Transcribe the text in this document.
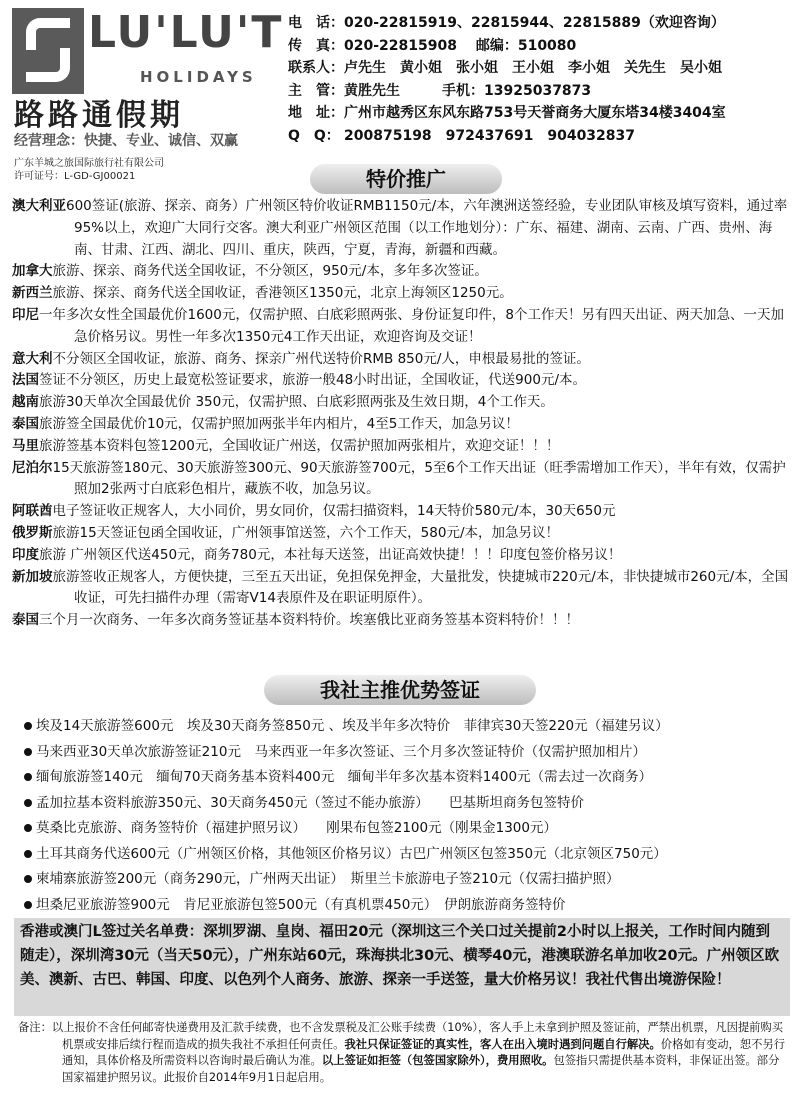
LU'LU'T
HOLIDAYS
路路通假期
经营理念：快捷、专业、诚信、双赢
广东羊城之旅国际旅行社有限公司
许可证号：L-GD-GJ00021
电　话：020-22815919、22815944、22815889（欢迎咨询）
传　真：020-22815908　 邮编：510080
联系人：卢先生　黄小姐　张小姐　王小姐　李小姐　关先生　吴小姐
主　管：黄胜先生　　　手机：13925037873
地　址：广州市越秀区东风东路753号天誉商务大厦东塔34楼3404室
Q　Q： 200875198　972437691　904032837
特价推广

澳大利亚600签证(旅游、探亲、商务）广州领区特价收证RMB1150元/本，六年澳洲送签经验，专业团队审核及填写资料，通过率95%以上，欢迎广大同行交客。澳大利亚广州领区范围（以工作地划分）：广东、福建、湖南、云南、广西、贵州、海南、甘肃、江西、湖北、四川、重庆，陕西，宁夏，青海，新疆和西藏。

加拿大旅游、探亲、商务代送全国收证，不分领区，950元/本，多年多次签证。

新西兰旅游、探亲、商务代送全国收证，香港领区1350元，北京上海领区1250元。

印尼一年多次女性全国最优价1600元，仅需护照、白底彩照两张、身份证复印件，8个工作天！另有四天出证、两天加急、一天加急价格另议。男性一年多次1350元4工作天出证，欢迎咨询及交证！

意大利不分领区全国收证，旅游、商务、探亲广州代送特价RMB 850元/人，申根最易批的签证。

法国签证不分领区，历史上最宽松签证要求，旅游一般48小时出证，全国收证，代送900元/本。

越南旅游30天单次全国最优价 350元，仅需护照、白底彩照两张及生效日期，4个工作天。

泰国旅游签全国最优价10元，仅需护照加两张半年内相片，4至5工作天，加急另议！

马里旅游签基本资料包签1200元，全国收证广州送，仅需护照加两张相片，欢迎交证！！！

尼泊尔15天旅游签180元、30天旅游签300元、90天旅游签700元，5至6个工作天出证（旺季需增加工作天），半年有效，仅需护照加2张两寸白底彩色相片，藏族不收，加急另议。

阿联酋电子签证收正规客人，大小同价，男女同价，仅需扫描资料，14天特价580元/本，30天650元

俄罗斯旅游15天签证包函全国收证，广州领事馆送签，六个工作天，580元/本，加急另议！

印度旅游 广州领区代送450元，商务780元，本社每天送签，出证高效快捷！！！印度包签价格另议！

新加坡旅游签收正规客人，方便快捷，三至五天出证，免担保免押金，大量批发，快捷城市220元/本，非快捷城市260元/本，全国收证，可先扫描件办理（需寄V14表原件及在职证明原件）。

泰国三个月一次商务、一年多次商务签证基本资料特价。埃塞俄比亚商务签基本资料特价！！！

我社主推优势签证

埃及14天旅游签600元　埃及30天商务签850元 、埃及半年多次特价　菲律宾30天签220元（福建另议）

马来西亚30天单次旅游签证210元　马来西亚一年多次签证、三个月多次签证特价（仅需护照加相片）

缅甸旅游签140元　缅甸70天商务基本资料400元　缅甸半年多次基本资料1400元（需去过一次商务）

孟加拉基本资料旅游350元、30天商务450元（签过不能办旅游）　　巴基斯坦商务包签特价

莫桑比克旅游、商务签特价（福建护照另议）　　刚果布包签2100元（刚果金1300元）

土耳其商务代送600元（广州领区价格，其他领区价格另议）古巴广州领区包签350元（北京领区750元）

柬埔寨旅游签200元（商务290元，广州两天出证）　斯里兰卡旅游电子签210元（仅需扫描护照）

坦桑尼亚旅游签900元　肯尼亚旅游包签500元（有真机票450元）　伊朗旅游商务签特价

香港或澳门L签过关名单费：深圳罗湖、皇岗、福田20元（深圳这三个关口过关提前2小时以上报关，工作时间内随到随走），深圳湾30元（当天50元），广州东站60元，珠海拱北30元、横琴40元，港澳联游名单加收20元。广州领区欧美、澳新、古巴、韩国、印度、以色列个人商务、旅游、探亲一手送签，量大价格另议！我社代售出境游保险！
备注：以上报价不含任何邮寄快递费用及汇款手续费，也不含发票税及汇公账手续费（10%），客人手上未拿到护照及签证前，严禁出机票，凡因提前购买机票或安排后续行程而造成的损失我社不承担任何责任。我社只保证签证的真实性，客人在出入境时遇到问题自行解决。价格如有变动，恕不另行通知，具体价格及所需资料以咨询时最后确认为准。以上签证如拒签（包签国家除外），费用照收。包签指只需提供基本资料，非保证出签。部分国家福建护照另议。此报价自2014年9月1日起启用。
